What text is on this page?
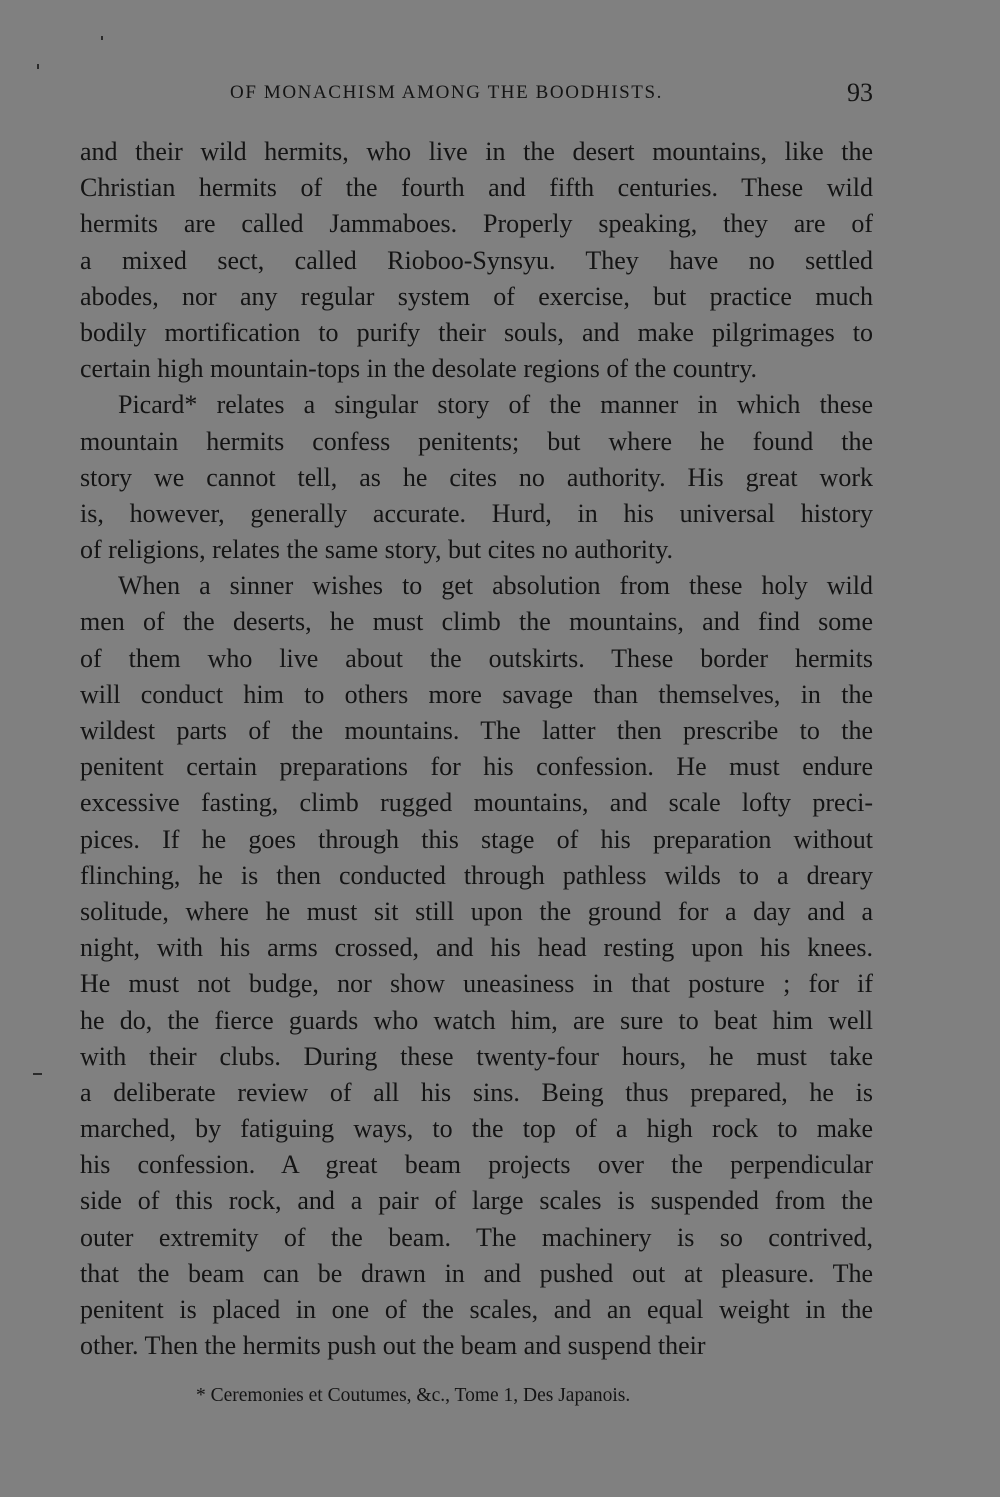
OF MONACHISM AMONG THE BOODHISTS.	93
and their wild hermits, who live in the desert mountains, like the
Christian hermits of the fourth and fifth centuries. These wild
hermits are called Jammaboes. Properly speaking, they are of
a mixed sect, called Rioboo-Synsyu. They have no settled
abodes, nor any regular system of exercise, but practice much
bodily mortification to purify their souls, and make pilgrimages to
certain high mountain-tops in the desolate regions of the country.
Picard* relates a singular story of the manner in which these
mountain hermits confess penitents; but where he found the
story we cannot tell, as he cites no authority. His great work
is, however, generally accurate. Hurd, in his universal history
of religions, relates the same story, but cites no authority.
When a sinner wishes to get absolution from these holy wild
men of the deserts, he must climb the mountains, and find some
of them who live about the outskirts. These border hermits
will conduct him to others more savage than themselves, in the
wildest parts of the mountains. The latter then prescribe to the
penitent certain preparations for his confession. He must endure
excessive fasting, climb rugged mountains, and scale lofty preci-
pices. If he goes through this stage of his preparation without
flinching, he is then conducted through pathless wilds to a dreary
solitude, where he must sit still upon the ground for a day and a
night, with his arms crossed, and his head resting upon his knees.
He must not budge, nor show uneasiness in that posture ; for if
he do, the fierce guards who watch him, are sure to beat him well
with their clubs. During these twenty-four hours, he must take
a deliberate review of all his sins. Being thus prepared, he is
marched, by fatiguing ways, to the top of a high rock to make
his confession. A great beam projects over the perpendicular
side of this rock, and a pair of large scales is suspended from the
outer extremity of the beam. The machinery is so contrived,
that the beam can be drawn in and pushed out at pleasure. The
penitent is placed in one of the scales, and an equal weight in the
other. Then the hermits push out the beam and suspend their
* Ceremonies et Coutumes, &c., Tome 1, Des Japanois.
